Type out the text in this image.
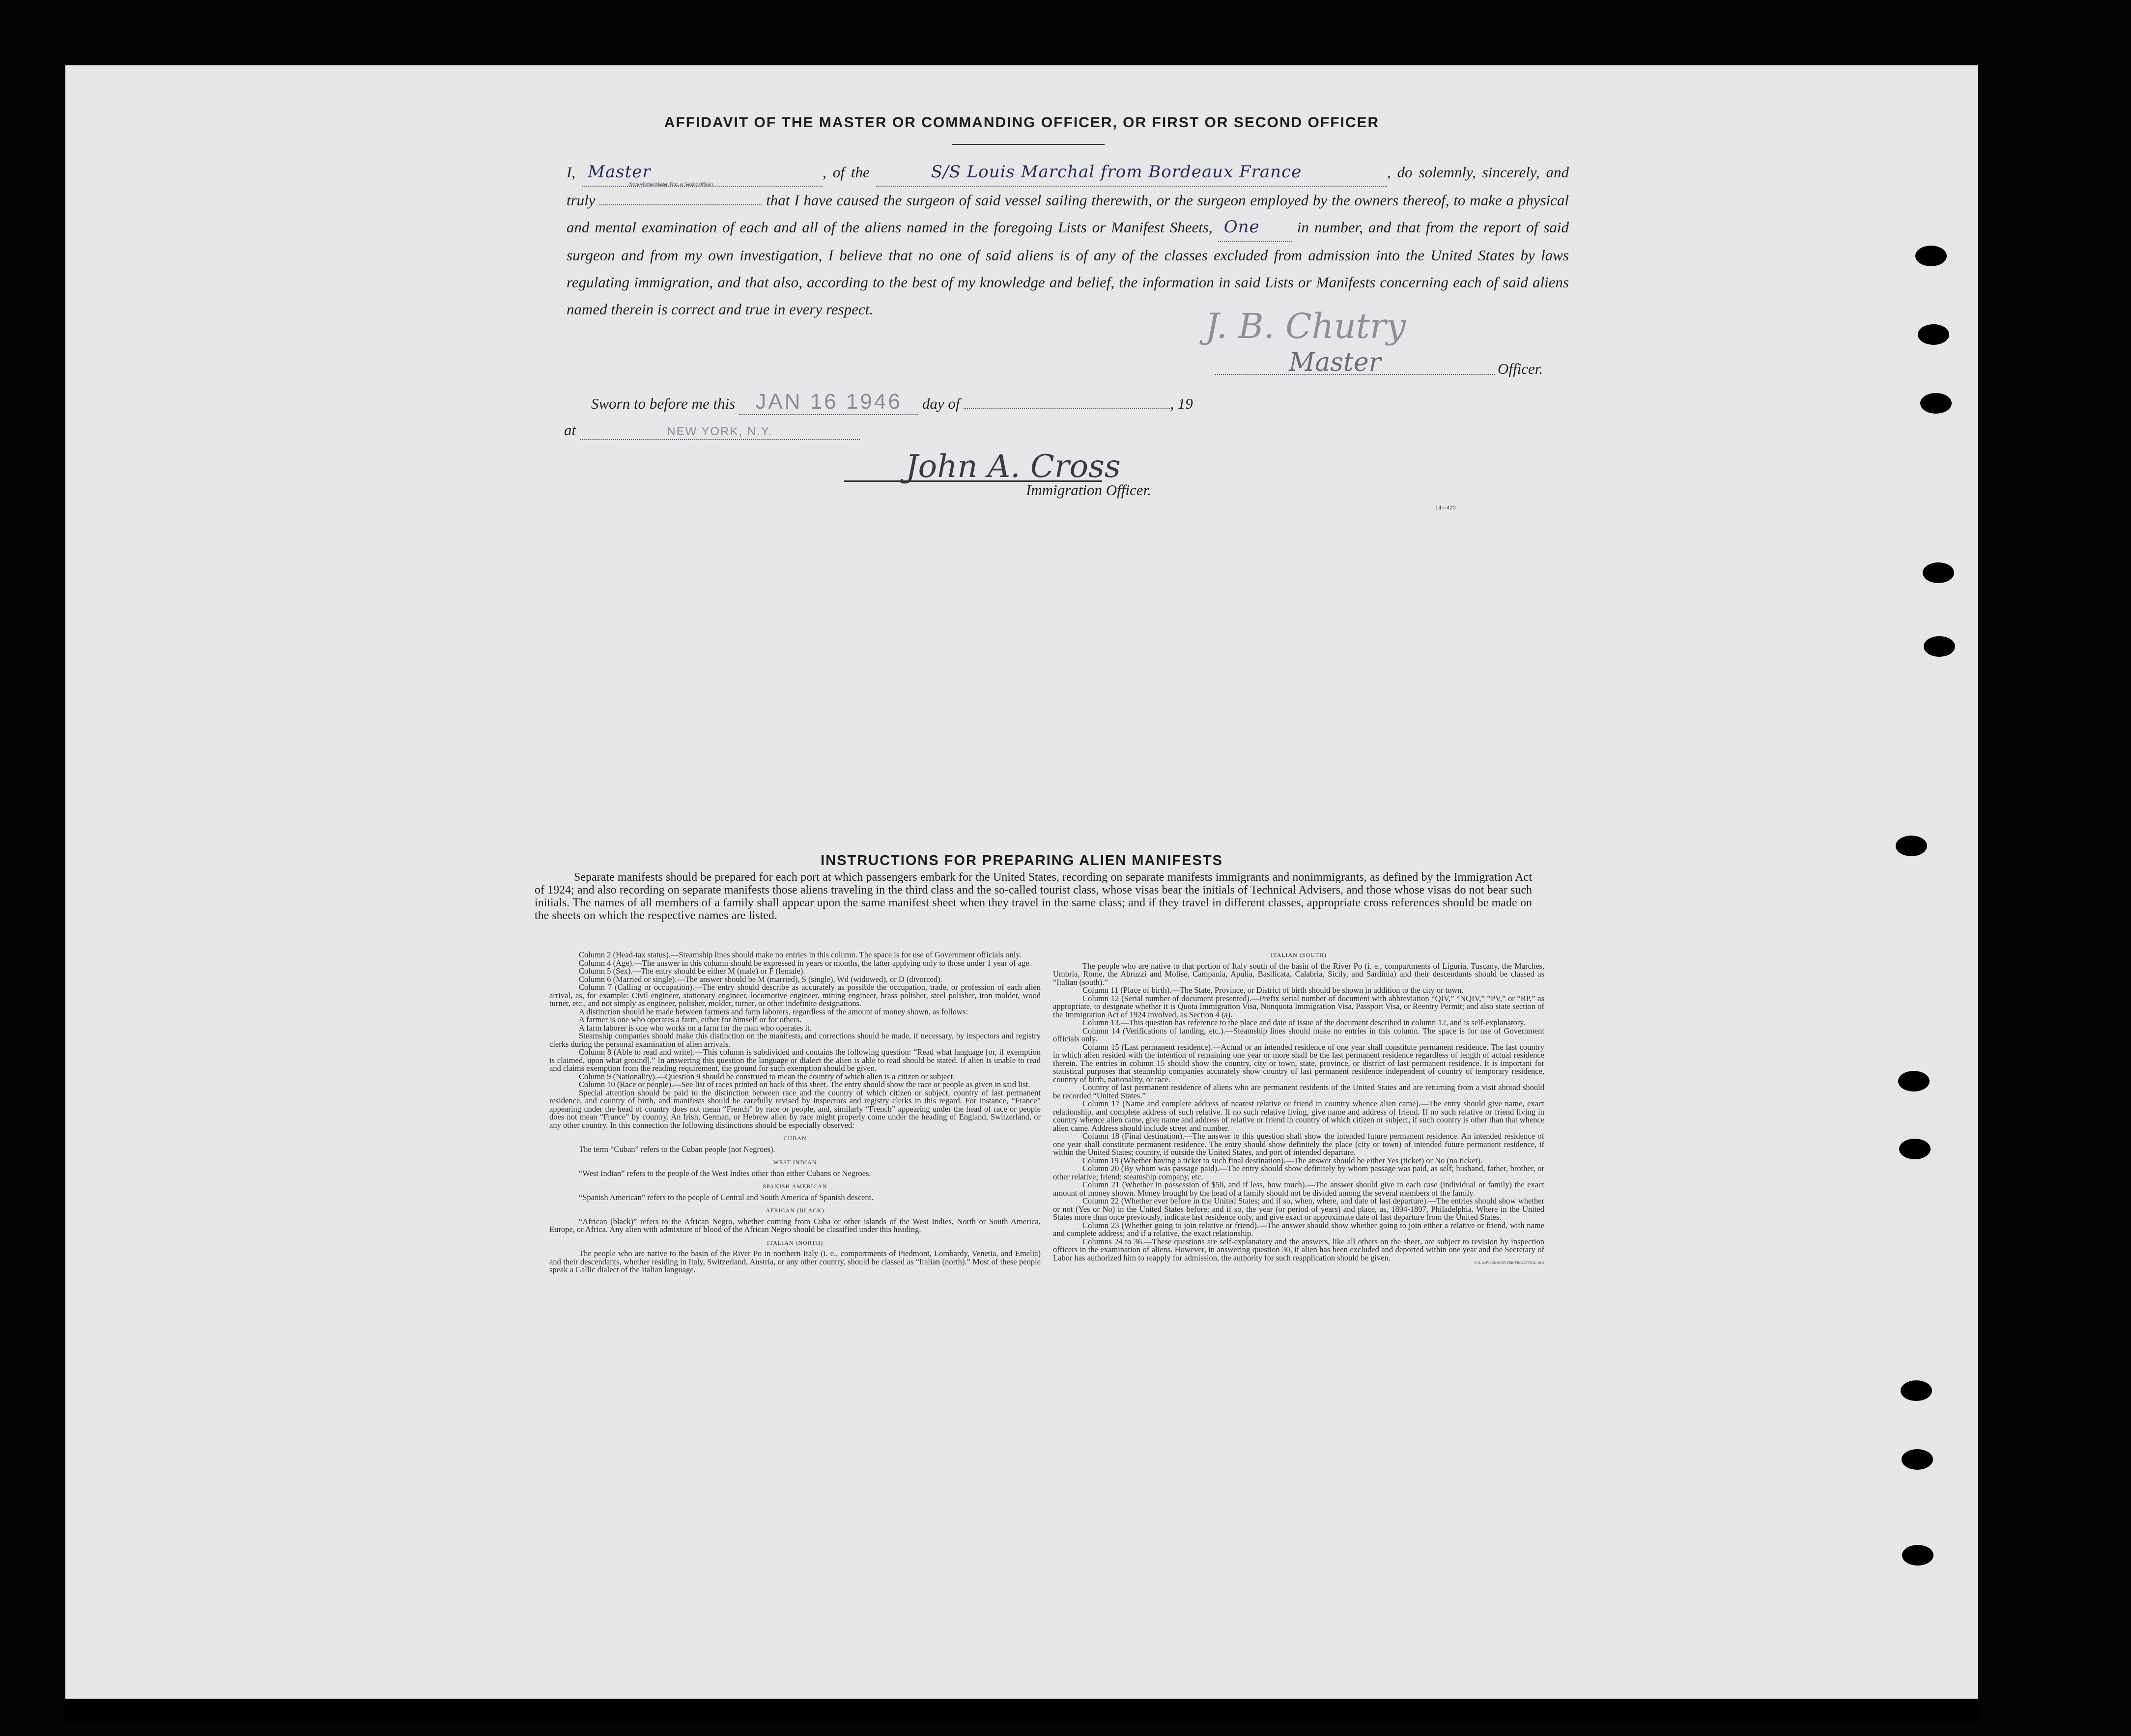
AFFIDAVIT OF THE MASTER OR COMMANDING OFFICER, OR FIRST OR SECOND OFFICER
I, Master
(State whether Master, First, or Second Officer)
, of the	S/S Louis Marchal from Bordeaux France	, do solemnly, sincerely, and truly	that I have caused the surgeon of said vessel sailing therewith, or the surgeon employed by the owners thereof, to make a physical and mental examination of each and all of the aliens named in the foregoing Lists or Manifest Sheets, One in number, and that from the report of said surgeon and from my own investigation, I believe that no one of said aliens is of any of the classes excluded from admission into the United States by laws regulating immigration, and that also, according to the best of my knowledge and belief, the information in said Lists or Manifests concerning each of said aliens named therein is correct and true in every respect.	J. B. Chutry
Master	Officer.
Sworn to before me this JAN 16 1946 day of	, 19
at	NEW YORK, N.Y.
John A. Cross
Immigration Officer.
14—420
INSTRUCTIONS FOR PREPARING ALIEN MANIFESTS
Separate manifests should be prepared for each port at which passengers embark for the United States, recording on separate manifests immigrants and nonimmigrants, as defined by the Immigration Act of 1924; and also recording on separate manifests those aliens traveling in the third class and the so-called tourist class, whose visas bear the initials of Technical Advisers, and those whose visas do not bear such initials. The names of all members of a family shall appear upon the same manifest sheet when they travel in the same class; and if they travel in different classes, appropriate cross references should be made on the sheets on which the respective names are listed.

Column 2 (Head-tax status).—Steamship lines should make no entries in this column. The space is for use of Government officials only.

Column 4 (Age).—The answer in this column should be expressed in years or months, the latter applying only to those under 1 year of age.

Column 5 (Sex).—The entry should be either M (male) or F (female).

Column 6 (Married or single).—The answer should be M (married), S (single), Wd (widowed), or D (divorced).

Column 7 (Calling or occupation).—The entry should describe as accurately as possible the occupation, trade, or profession of each alien arrival, as, for example: Civil engineer, stationary engineer, locomotive engineer, mining engineer, brass polisher, steel polisher, iron molder, wood turner, etc., and not simply as engineer, polisher, molder, turner, or other indefinite designations.

A distinction should be made between farmers and farm laborers, regardless of the amount of money shown, as follows:

A farmer is one who operates a farm, either for himself or for others.

A farm laborer is one who works on a farm for the man who operates it.

Steamship companies should make this distinction on the manifests, and corrections should be made, if necessary, by inspectors and registry clerks during the personal examination of alien arrivals.

Column 8 (Able to read and write).—This column is subdivided and contains the following question: “Read what language [or, if exemption is claimed, upon what ground].” In answering this question the language or dialect the alien is able to read should be stated. If alien is unable to read and claims exemption from the reading requirement, the ground for such exemption should be given.

Column 9 (Nationality).—Question 9 should be construed to mean the country of which alien is a citizen or subject.

Column 10 (Race or people).—See list of races printed on back of this sheet. The entry should show the race or people as given in said list.

Special attention should be paid to the distinction between race and the country of which citizen or subject, country of last permanent residence, and country of birth, and manifests should be carefully revised by inspectors and registry clerks in this regard. For instance, “France” appearing under the head of country does not mean “French” by race or people, and, similarly “French” appearing under the head of race or people does not mean “France” by country. An Irish, German, or Hebrew alien by race might properly come under the heading of England, Switzerland, or any other country. In this connection the following distinctions should be especially observed:

CUBAN

The term “Cuban” refers to the Cuban people (not Negroes).

WEST INDIAN

“West Indian” refers to the people of the West Indies other than either Cubans or Negroes.

SPANISH AMERICAN

“Spanish American” refers to the people of Central and South America of Spanish descent.

AFRICAN (BLACK)

“African (black)” refers to the African Negro, whether coming from Cuba or other islands of the West Indies, North or South America, Europe, or Africa. Any alien with admixture of blood of the African Negro should be classified under this heading.

ITALIAN (NORTH)

The people who are native to the basin of the River Po in northern Italy (i. e., compartments of Piedmont, Lombardy, Venetia, and Emelia) and their descendants, whether residing in Italy, Switzerland, Austria, or any other country, should be classed as “Italian (north).” Most of these people speak a Gallic dialect of the Italian language.

ITALIAN (SOUTH)

The people who are native to that portion of Italy south of the basin of the River Po (i. e., compartments of Liguria, Tuscany, the Marches, Umbria, Rome, the Abruzzi and Molise, Campania, Apulia, Basilicata, Calabria, Sicily, and Sardinia) and their descendants should be classed as “Italian (south).”

Column 11 (Place of birth).—The State, Province, or District of birth should be shown in addition to the city or town.

Column 12 (Serial number of document presented).—Prefix serial number of document with abbreviation “QIV,” “NQIV,” “PV,” or “RP,” as appropriate, to designate whether it is Quota Immigration Visa, Nonquota Immigration Visa, Passport Visa, or Reentry Permit; and also state section of the Immigration Act of 1924 involved, as Section 4 (a).

Column 13.—This question has reference to the place and date of issue of the document described in column 12, and is self-explanatory.

Column 14 (Verifications of landing, etc.).—Steamship lines should make no entries in this column. The space is for use of Government officials only.

Column 15 (Last permanent residence).—Actual or an intended residence of one year shall constitute permanent residence. The last country in which alien resided with the intention of remaining one year or more shall be the last permanent residence regardless of length of actual residence therein. The entries in column 15 should show the country, city or town, state, province, or district of last permanent residence. It is important for statistical purposes that steamship companies accurately show country of last permanent residence independent of country of temporary residence, country of birth, nationality, or race.

Country of last permanent residence of aliens who are permanent residents of the United States and are returning from a visit abroad should be recorded “United States.”

Column 17 (Name and complete address of nearest relative or friend in country whence alien came).—The entry should give name, exact relationship, and complete address of such relative. If no such relative living, give name and address of friend. If no such relative or friend living in country whence alien came, give name and address of relative or friend in country of which citizen or subject, if such country is other than that whence alien came. Address should include street and number.

Column 18 (Final destination).—The answer to this question shall show the intended future permanent residence. An intended residence of one year shall constitute permanent residence. The entry should show definitely the place (city or town) of intended future permanent residence, if within the United States; country, if outside the United States, and port of intended departure.

Column 19 (Whether having a ticket to such final destination).—The answer should be either Yes (ticket) or No (no ticket).

Column 20 (By whom was passage paid).—The entry should show definitely by whom passage was paid, as self; husband, father, brother, or other relative; friend; steamship company, etc.

Column 21 (Whether in possession of $50, and if less, how much).—The answer should give in each case (individual or family) the exact amount of money shown. Money brought by the head of a family should not be divided among the several members of the family.

Column 22 (Whether ever before in the United States; and if so, when, where, and date of last departure).—The entries should show whether or not (Yes or No) in the United States before; and if so, the year (or period of years) and place, as, 1894-1897, Philadelphia. Where in the United States more than once previously, indicate last residence only, and give exact or approximate date of last departure from the United States.

Column 23 (Whether going to join relative or friend).—The answer should show whether going to join either a relative or friend, with name and complete address; and if a relative, the exact relationship.

Columns 24 to 36.—These questions are self-explanatory and the answers, like all others on the sheet, are subject to revision by inspection officers in the examination of aliens. However, in answering question 30, if alien has been excluded and deported within one year and the Secretary of Labor has authorized him to reapply for admission, the authority for such reapplication should be given.

U. S. GOVERNMENT PRINTING OFFICE: 1944
